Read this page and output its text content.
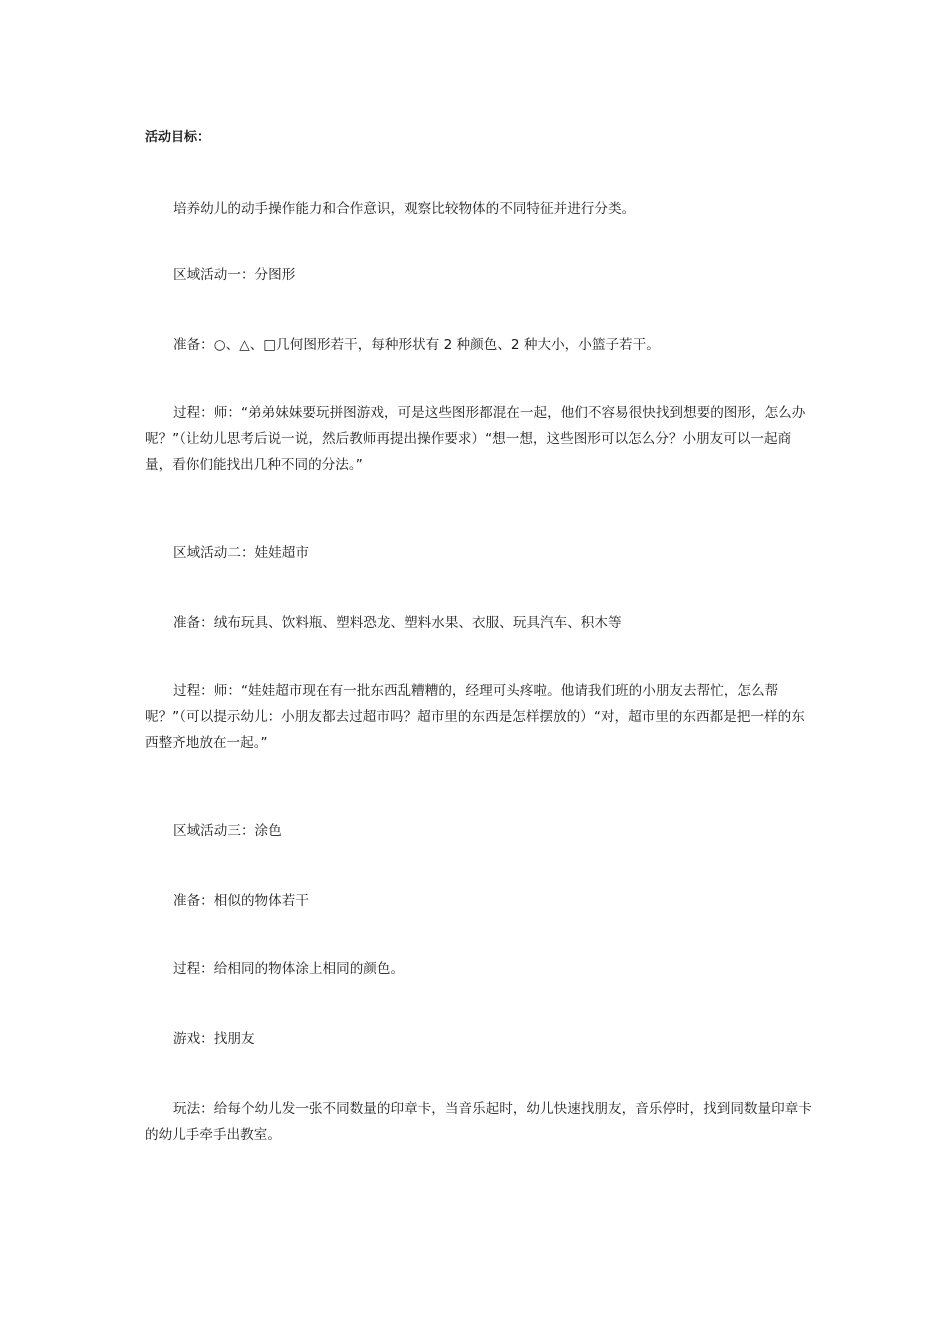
活动目标：

培养幼儿的动手操作能力和合作意识，观察比较物体的不同特征并进行分类。

区域活动一：分图形

准备：○、△、□几何图形若干，每种形状有 2 种颜色、2 种大小，小篮子若干。

过程：师：“弟弟妹妹要玩拼图游戏，可是这些图形都混在一起，他们不容易很快找到想要的图形，怎么办呢？”（让幼儿思考后说一说，然后教师再提出操作要求）“想一想，这些图形可以怎么分？小朋友可以一起商量，看你们能找出几种不同的分法。”

区域活动二：娃娃超市

准备：绒布玩具、饮料瓶、塑料恐龙、塑料水果、衣服、玩具汽车、积木等

过程：师：“娃娃超市现在有一批东西乱糟糟的，经理可头疼啦。他请我们班的小朋友去帮忙，怎么帮呢？”（可以提示幼儿：小朋友都去过超市吗？超市里的东西是怎样摆放的）“对，超市里的东西都是把一样的东西整齐地放在一起。”

区域活动三：涂色

准备：相似的物体若干

过程：给相同的物体涂上相同的颜色。

游戏：找朋友

玩法：给每个幼儿发一张不同数量的印章卡，当音乐起时，幼儿快速找朋友，音乐停时，找到同数量印章卡的幼儿手牵手出教室。
